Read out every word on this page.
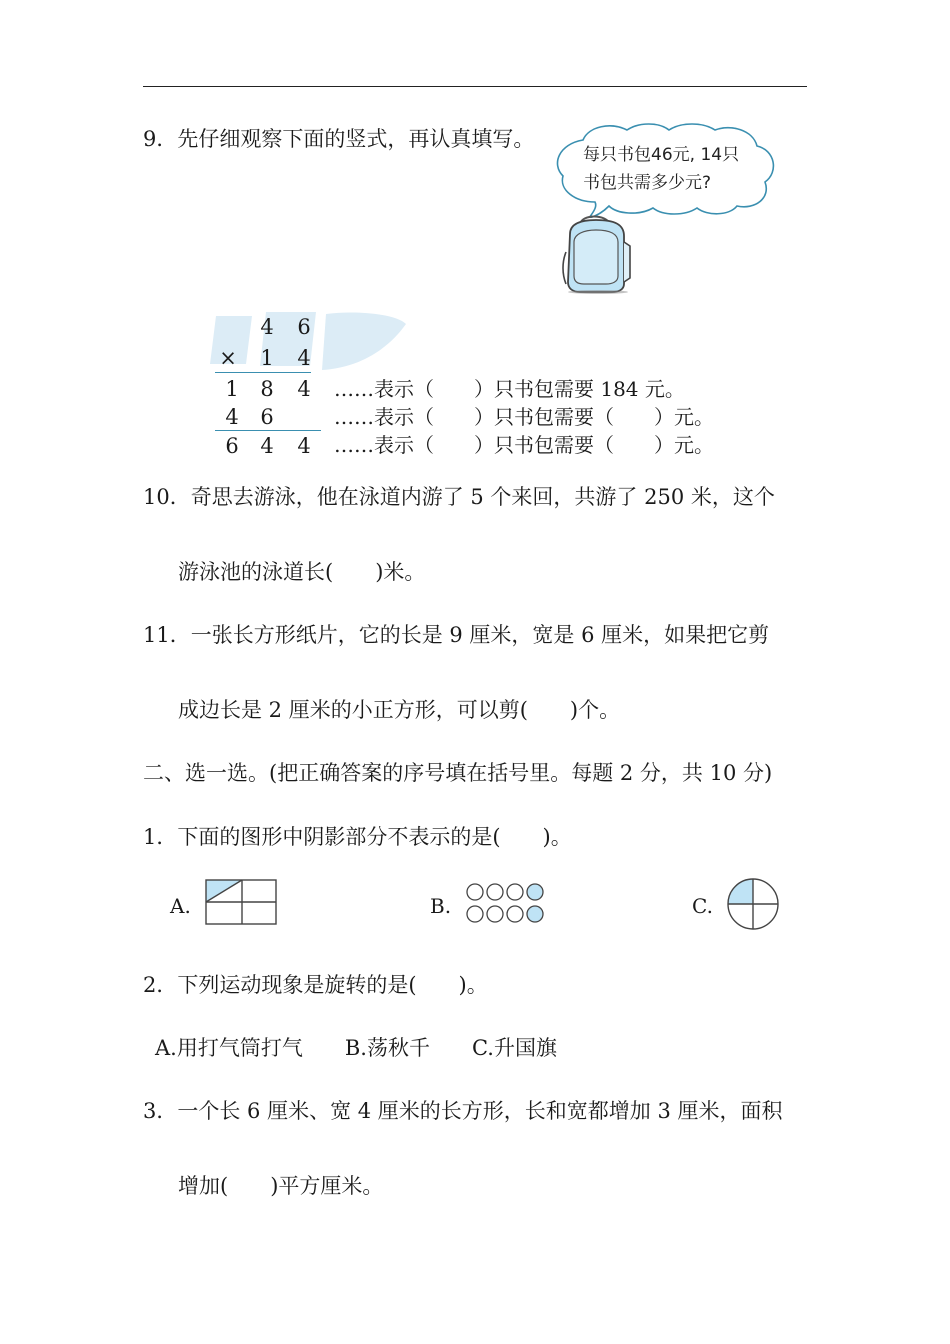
9．先仔细观察下面的竖式，再认真填写。
每只书包46元, 14只
书包共需多少元?
4 6
× 1 4
1 8 4
4 6
6 4 4
……表示（　　）只书包需要 184 元。
……表示（　　）只书包需要（　　）元。
……表示（　　）只书包需要（　　）元。
10．奇思去游泳，他在泳道内游了 5 个来回，共游了 250 米，这个
游泳池的泳道长(　　)米。
11．一张长方形纸片，它的长是 9 厘米，宽是 6 厘米，如果把它剪
成边长是 2 厘米的小正方形，可以剪(　　)个。
二、选一选。(把正确答案的序号填在括号里。每题 2 分，共 10 分)
1．下面的图形中阴影部分不表示的是(　　)。
A.	B.	C.
2．下列运动现象是旋转的是(　　)。
A.用打气筒打气　　B.荡秋千　　C.升国旗
3．一个长 6 厘米、宽 4 厘米的长方形，长和宽都增加 3 厘米，面积
增加(　　)平方厘米。
